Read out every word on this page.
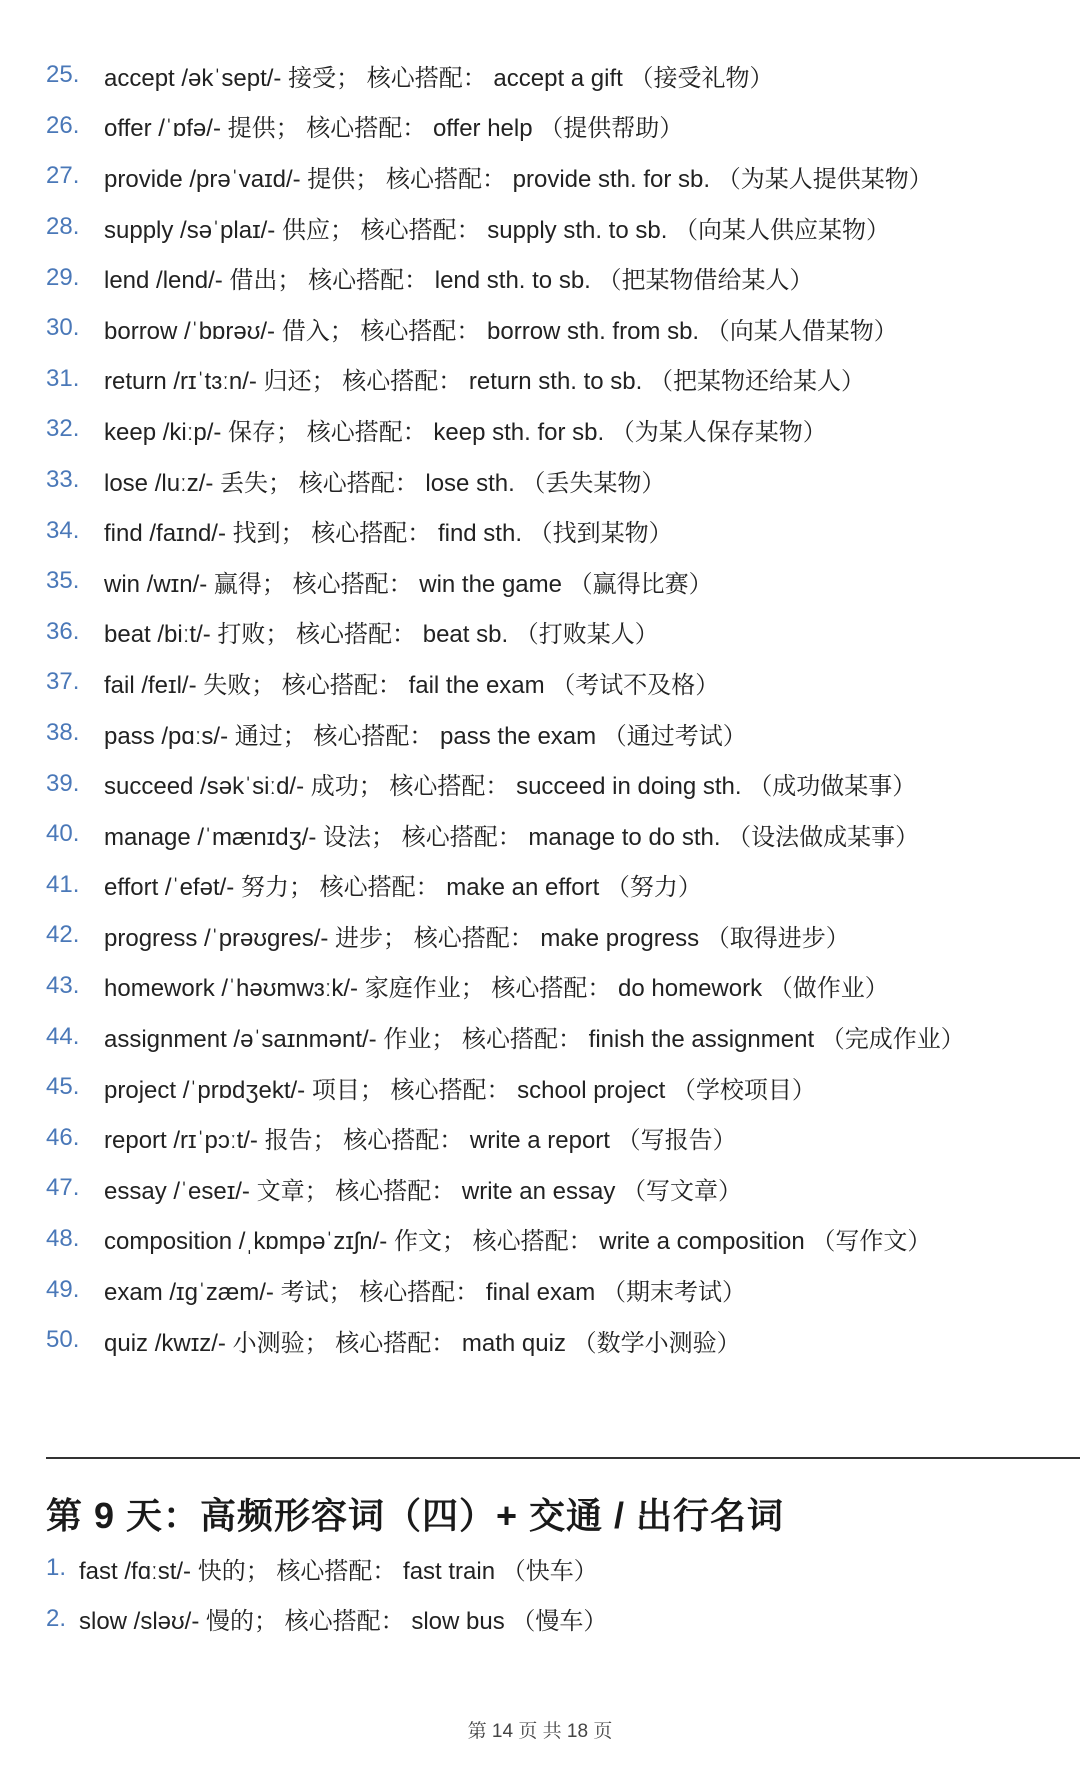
25.	accept /əkˈsept/- 接受； 核心搭配： accept a gift （接受礼物）
26.	offer /ˈɒfə/- 提供； 核心搭配： offer help （提供帮助）
27.	provide /prəˈvaɪd/- 提供； 核心搭配： provide sth. for sb. （为某人提供某物）
28.	supply /səˈplaɪ/- 供应； 核心搭配： supply sth. to sb. （向某人供应某物）
29.	lend /lend/- 借出； 核心搭配： lend sth. to sb. （把某物借给某人）
30.	borrow /ˈbɒrəʊ/- 借入； 核心搭配： borrow sth. from sb. （向某人借某物）
31.	return /rɪˈtɜːn/- 归还； 核心搭配： return sth. to sb. （把某物还给某人）
32.	keep /kiːp/- 保存； 核心搭配： keep sth. for sb. （为某人保存某物）
33.	lose /luːz/- 丢失； 核心搭配： lose sth. （丢失某物）
34.	find /faɪnd/- 找到； 核心搭配： find sth. （找到某物）
35.	win /wɪn/- 赢得； 核心搭配： win the game （赢得比赛）
36.	beat /biːt/- 打败； 核心搭配： beat sb. （打败某人）
37.	fail /feɪl/- 失败； 核心搭配： fail the exam （考试不及格）
38.	pass /pɑːs/- 通过； 核心搭配： pass the exam （通过考试）
39.	succeed /səkˈsiːd/- 成功； 核心搭配： succeed in doing sth. （成功做某事）
40.	manage /ˈmænɪdʒ/- 设法； 核心搭配： manage to do sth. （设法做成某事）
41.	effort /ˈefət/- 努力； 核心搭配： make an effort （努力）
42.	progress /ˈprəʊgres/- 进步； 核心搭配： make progress （取得进步）
43.	homework /ˈhəʊmwɜːk/- 家庭作业； 核心搭配： do homework （做作业）
44.	assignment /əˈsaɪnmənt/- 作业； 核心搭配： finish the assignment （完成作业）
45.	project /ˈprɒdʒekt/- 项目； 核心搭配： school project （学校项目）
46.	report /rɪˈpɔːt/- 报告； 核心搭配： write a report （写报告）
47.	essay /ˈeseɪ/- 文章； 核心搭配： write an essay （写文章）
48.	composition /ˌkɒmpəˈzɪʃn/- 作文； 核心搭配： write a composition （写作文）
49.	exam /ɪɡˈzæm/- 考试； 核心搭配： final exam （期末考试）
50.	quiz /kwɪz/- 小测验； 核心搭配： math quiz （数学小测验）
第 9 天：高频形容词（四）+ 交通 / 出行名词
1. fast /fɑːst/- 快的； 核心搭配： fast train （快车）
2. slow /sləʊ/- 慢的； 核心搭配： slow bus （慢车）
第 14 页 共 18 页
